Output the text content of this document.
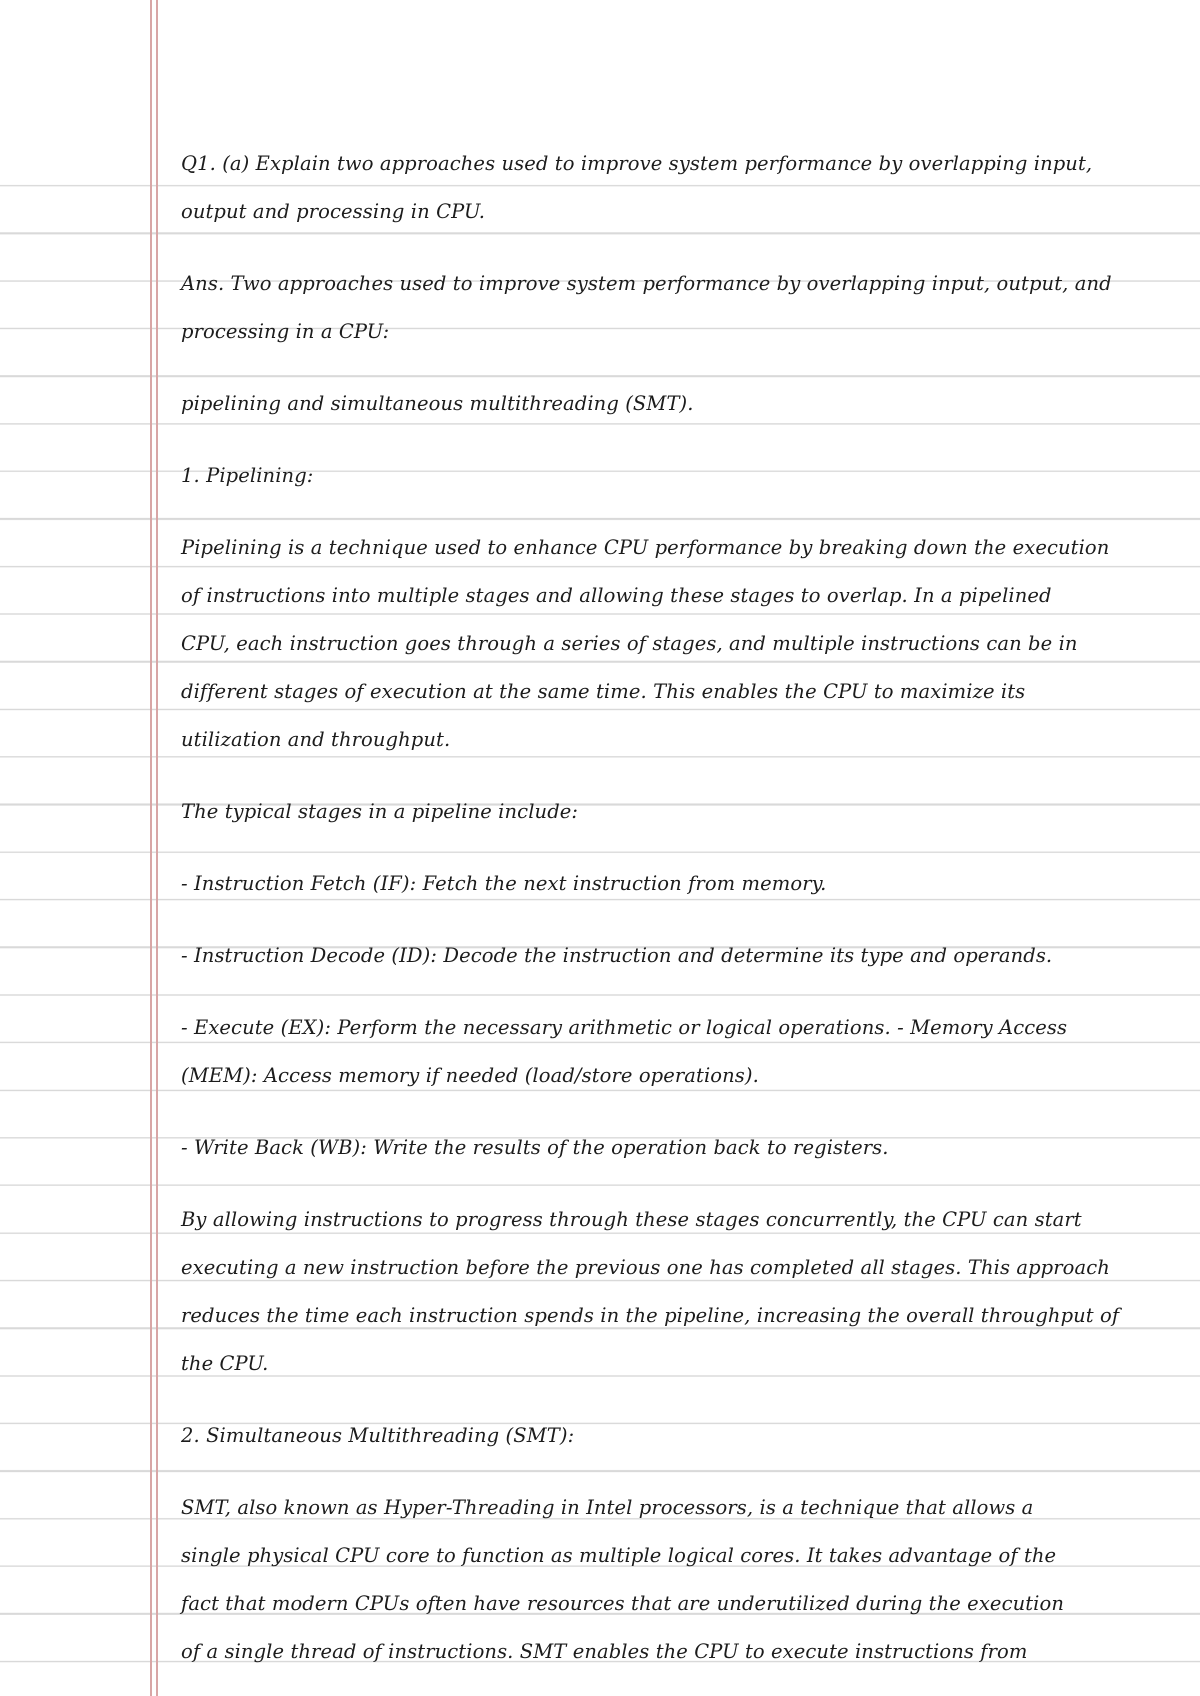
Q1. (a) Explain two approaches used to improve system performance by overlapping input,

output and processing in CPU.

Ans. Two approaches used to improve system performance by overlapping input, output, and

processing in a CPU:

pipelining and simultaneous multithreading (SMT).

1. Pipelining:

Pipelining is a technique used to enhance CPU performance by breaking down the execution

of instructions into multiple stages and allowing these stages to overlap. In a pipelined

CPU, each instruction goes through a series of stages, and multiple instructions can be in

different stages of execution at the same time. This enables the CPU to maximize its

utilization and throughput.

The typical stages in a pipeline include:

- Instruction Fetch (IF): Fetch the next instruction from memory.

- Instruction Decode (ID): Decode the instruction and determine its type and operands.

- Execute (EX): Perform the necessary arithmetic or logical operations. - Memory Access

(MEM): Access memory if needed (load/store operations).

- Write Back (WB): Write the results of the operation back to registers.

By allowing instructions to progress through these stages concurrently, the CPU can start

executing a new instruction before the previous one has completed all stages. This approach

reduces the time each instruction spends in the pipeline, increasing the overall throughput of

the CPU.

2. Simultaneous Multithreading (SMT):

SMT, also known as Hyper-Threading in Intel processors, is a technique that allows a

single physical CPU core to function as multiple logical cores. It takes advantage of the

fact that modern CPUs often have resources that are underutilized during the execution

of a single thread of instructions. SMT enables the CPU to execute instructions from
